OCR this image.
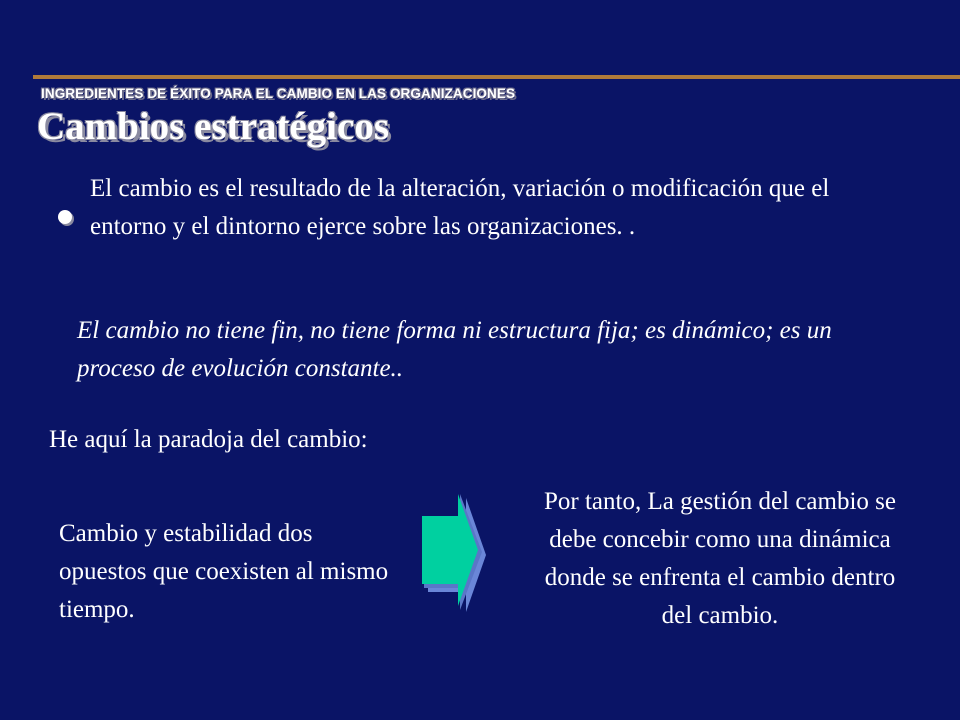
INGREDIENTES DE ÉXITO PARA EL CAMBIO EN LAS ORGANIZACIONES
Cambios estratégicos
El cambio es el resultado de la alteración, variación o modificación que el entorno y el dintorno ejerce sobre las organizaciones. .
El cambio no tiene fin, no tiene forma ni estructura fija; es dinámico; es un proceso de evolución constante..
He aquí la paradoja del cambio:
Cambio y estabilidad dos opuestos que coexisten al mismo tiempo.
Por tanto, La gestión del cambio se debe concebir como una dinámica donde se enfrenta el cambio dentro del cambio.
